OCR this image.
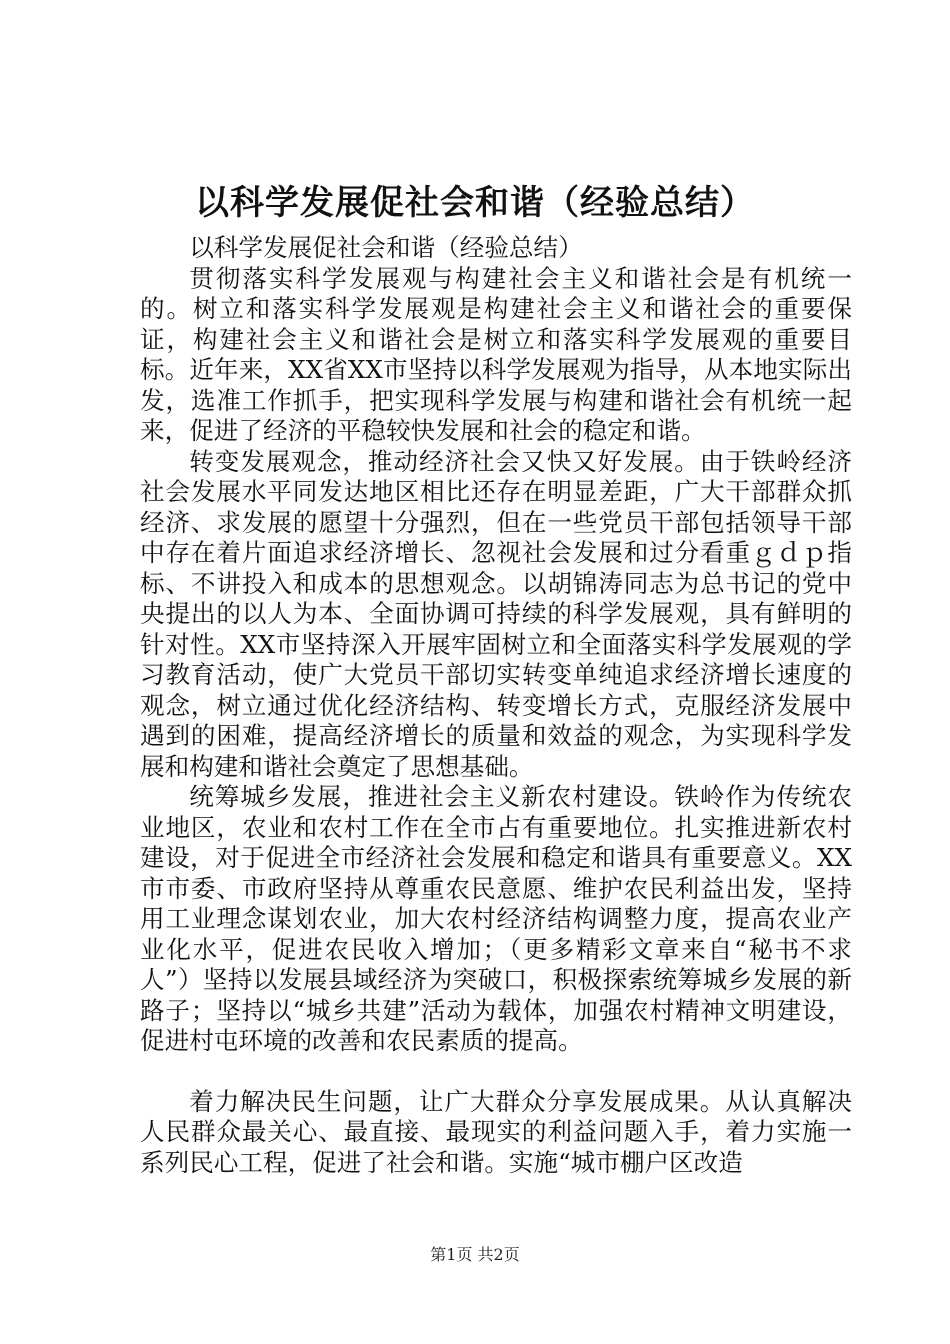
以科学发展促社会和谐（经验总结）

以科学发展促社会和谐（经验总结）

贯彻落实科学发展观与构建社会主义和谐社会是有机统一的。树立和落实科学发展观是构建社会主义和谐社会的重要保证，构建社会主义和谐社会是树立和落实科学发展观的重要目标。近年来，XX省XX市坚持以科学发展观为指导，从本地实际出发，选准工作抓手，把实现科学发展与构建和谐社会有机统一起来，促进了经济的平稳较快发展和社会的稳定和谐。

转变发展观念，推动经济社会又快又好发展。由于铁岭经济社会发展水平同发达地区相比还存在明显差距，广大干部群众抓经济、求发展的愿望十分强烈，但在一些党员干部包括领导干部中存在着片面追求经济增长、忽视社会发展和过分看重ｇｄｐ指标、不讲投入和成本的思想观念。以胡锦涛同志为总书记的党中央提出的以人为本、全面协调可持续的科学发展观，具有鲜明的针对性。XX市坚持深入开展牢固树立和全面落实科学发展观的学习教育活动，使广大党员干部切实转变单纯追求经济增长速度的观念，树立通过优化经济结构、转变增长方式，克服经济发展中遇到的困难，提高经济增长的质量和效益的观念，为实现科学发展和构建和谐社会奠定了思想基础。

统筹城乡发展，推进社会主义新农村建设。铁岭作为传统农业地区，农业和农村工作在全市占有重要地位。扎实推进新农村建设，对于促进全市经济社会发展和稳定和谐具有重要意义。XX市市委、市政府坚持从尊重农民意愿、维护农民利益出发，坚持用工业理念谋划农业，加大农村经济结构调整力度，提高农业产业化水平，促进农民收入增加；（更多精彩文章来自“秘书不求人”）坚持以发展县域经济为突破口，积极探索统筹城乡发展的新路子；坚持以“城乡共建”活动为载体，加强农村精神文明建设，促进村屯环境的改善和农民素质的提高。

着力解决民生问题，让广大群众分享发展成果。从认真解决人民群众最关心、最直接、最现实的利益问题入手，着力实施一系列民心工程，促进了社会和谐。实施“城市棚户区改造

第1页 共2页
